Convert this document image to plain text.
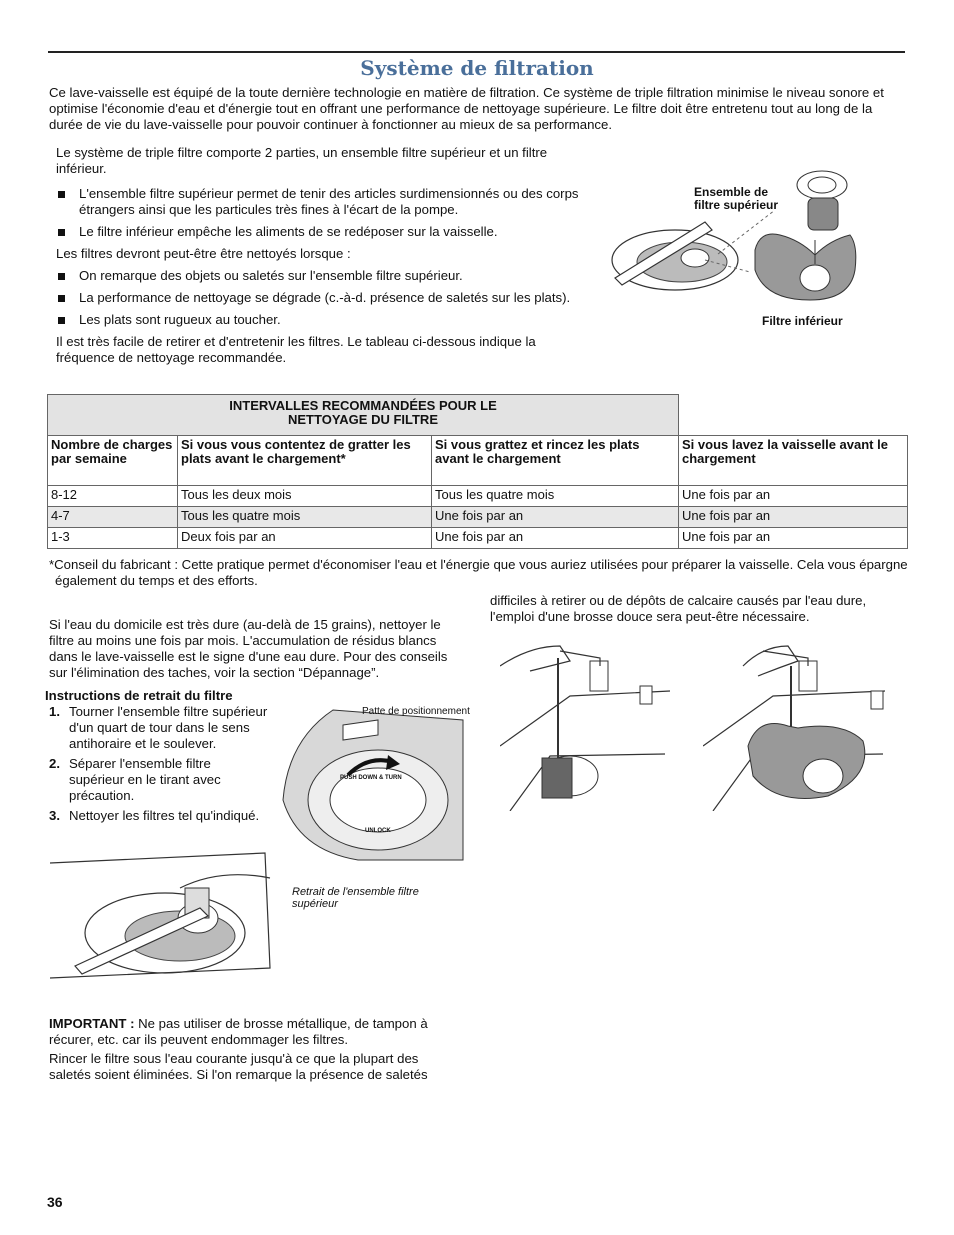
Système de filtration
Ce lave-vaisselle est équipé de la toute dernière technologie en matière de filtration. Ce système de triple filtration minimise le niveau sonore et optimise l'économie d'eau et d'énergie tout en offrant une performance de nettoyage supérieure. Le filtre doit être entretenu tout au long de la durée de vie du lave-vaisselle pour pouvoir continuer à fonctionner au mieux de sa performance.

Le système de triple filtre comporte 2 parties, un ensemble filtre supérieur et un filtre inférieur.

L'ensemble filtre supérieur permet de tenir des articles surdimensionnés ou des corps étrangers ainsi que les particules très fines à l'écart de la pompe.
Le filtre inférieur empêche les aliments de se redéposer sur la vaisselle.

Les filtres devront peut-être être nettoyés lorsque :

On remarque des objets ou saletés sur l'ensemble filtre supérieur.
La performance de nettoyage se dégrade (c.-à-d. présence de saletés sur les plats).
Les plats sont rugueux au toucher.

Il est très facile de retirer et d'entretenir les filtres. Le tableau ci-dessous indique la fréquence de nettoyage recommandée.

Ensemble de filtre supérieur
Filtre inférieur
INTERVALLES RECOMMANDÉES POUR LE
NETTOYAGE DU FILTRE			

Nombre de charges par semaine	Si vous vous contentez de gratter les plats avant le chargement*	Si vous grattez et rincez les plats avant le chargement	Si vous lavez la vaisselle avant le chargement
8-12	Tous les deux mois	Tous les quatre mois	Une fois par an
4-7	Tous les quatre mois	Une fois par an	Une fois par an
1-3	Deux fois par an	Une fois par an	Une fois par an
*Conseil du fabricant : Cette pratique permet d'économiser l'eau et l'énergie que vous auriez utilisées pour préparer la vaisselle. Cela vous épargne également du temps et des efforts.
Si l'eau du domicile est très dure (au-delà de 15 grains), nettoyer le filtre au moins une fois par mois. L'accumulation de résidus blancs dans le lave-vaisselle est le signe d'une eau dure. Pour des conseils sur l'élimination des taches, voir la section “Dépannage”.
Instructions de retrait du filtre
1. Tourner l'ensemble filtre supérieur d'un quart de tour dans le sens antihoraire et le soulever.
2. Séparer l'ensemble filtre supérieur en le tirant avec précaution.
3. Nettoyer les filtres tel qu'indiqué.
Patte de positionnement
PUSH DOWN & TURN
UNLOCK
Retrait de l'ensemble filtre supérieur
IMPORTANT : Ne pas utiliser de brosse métallique, de tampon à récurer, etc. car ils peuvent endommager les filtres.
Rincer le filtre sous l'eau courante jusqu'à ce que la plupart des saletés soient éliminées. Si l'on remarque la présence de saletés
difficiles à retirer ou de dépôts de calcaire causés par l'eau dure, l'emploi d'une brosse douce sera peut-être nécessaire.
36
